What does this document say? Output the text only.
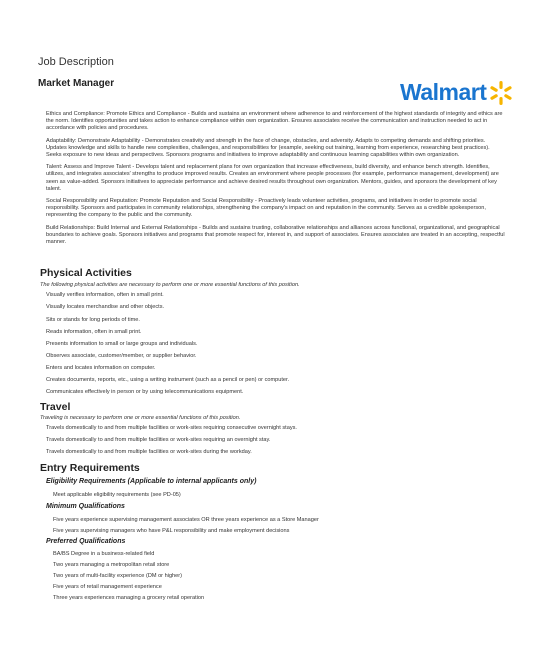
Job Description
Market Manager	Walmart

Ethics and Compliance: Promote Ethics and Compliance - Builds and sustains an environment where adherence to and reinforcement of the highest standards of integrity and ethics are the norm. Identifies opportunities and takes action to enhance compliance within own organization. Ensures associates receive the communication and instruction needed to act in accordance with policies and procedures.

Adaptability: Demonstrate Adaptability - Demonstrates creativity and strength in the face of change, obstacles, and adversity. Adapts to competing demands and shifting priorities. Updates knowledge and skills to handle new complexities, challenges, and responsibilities for (example, seeking out training, learning from experience, researching best practices). Seeks exposure to new ideas and perspectives. Sponsors programs and initiatives to improve adaptability and continuous learning capabilities within own organization.

Talent: Assess and Improve Talent - Develops talent and replacement plans for own organization that increase effectiveness, build diversity, and enhance bench strength. Identifies, utilizes, and integrates associates' strengths to produce improved results. Creates an environment where people processes (for example, performance management, development) are seen as value-added. Sponsors initiatives to appreciate performance and achieve desired results throughout own organization. Mentors, guides, and sponsors the development of key talent.

Social Responsibility and Reputation: Promote Reputation and Social Responsibility - Proactively leads volunteer activities, programs, and initiatives in order to promote social responsibility. Sponsors and participates in community relationships, strengthening the company's impact on and reputation in the community. Serves as a credible spokesperson, representing the company to the public and the community.

Build Relationships: Build Internal and External Relationships - Builds and sustains trusting, collaborative relationships and alliances across functional, organizational, and geographical boundaries to achieve goals. Sponsors initiatives and programs that promote respect for, interest in, and support of associates. Ensures associates are treated in an accepting, respectful manner.

Physical Activities
The following physical activities are necessary to perform one or more essential functions of this position.
Visually verifies information, often in small print.
Visually locates merchandise and other objects.
Sits or stands for long periods of time.
Reads information, often in small print.
Presents information to small or large groups and individuals.
Observes associate, customer/member, or supplier behavior.
Enters and locates information on computer.
Creates documents, reports, etc., using a writing instrument (such as a pencil or pen) or computer.
Communicates effectively in person or by using telecommunications equipment.
Travel
Traveling is necessary to perform one or more essential functions of this position.
Travels domestically to and from multiple facilities or work-sites requiring consecutive overnight stays.
Travels domestically to and from multiple facilities or work-sites requiring an overnight stay.
Travels domestically to and from multiple facilities or work-sites during the workday.
Entry Requirements
Eligibility Requirements (Applicable to internal applicants only)
Meet applicable eligibility requirements (see PD-05)
Minimum Qualifications
Five years experience supervising management associates OR three years experience as a Store Manager
Five years supervising managers who have P&L responsibility and make employment decisions
Preferred Qualifications
BA/BS Degree in a business-related field
Two years managing a metropolitan retail store
Two years of multi-facility experience (DM or higher)
Five years of retail management experience
Three years experiences managing a grocery retail operation
